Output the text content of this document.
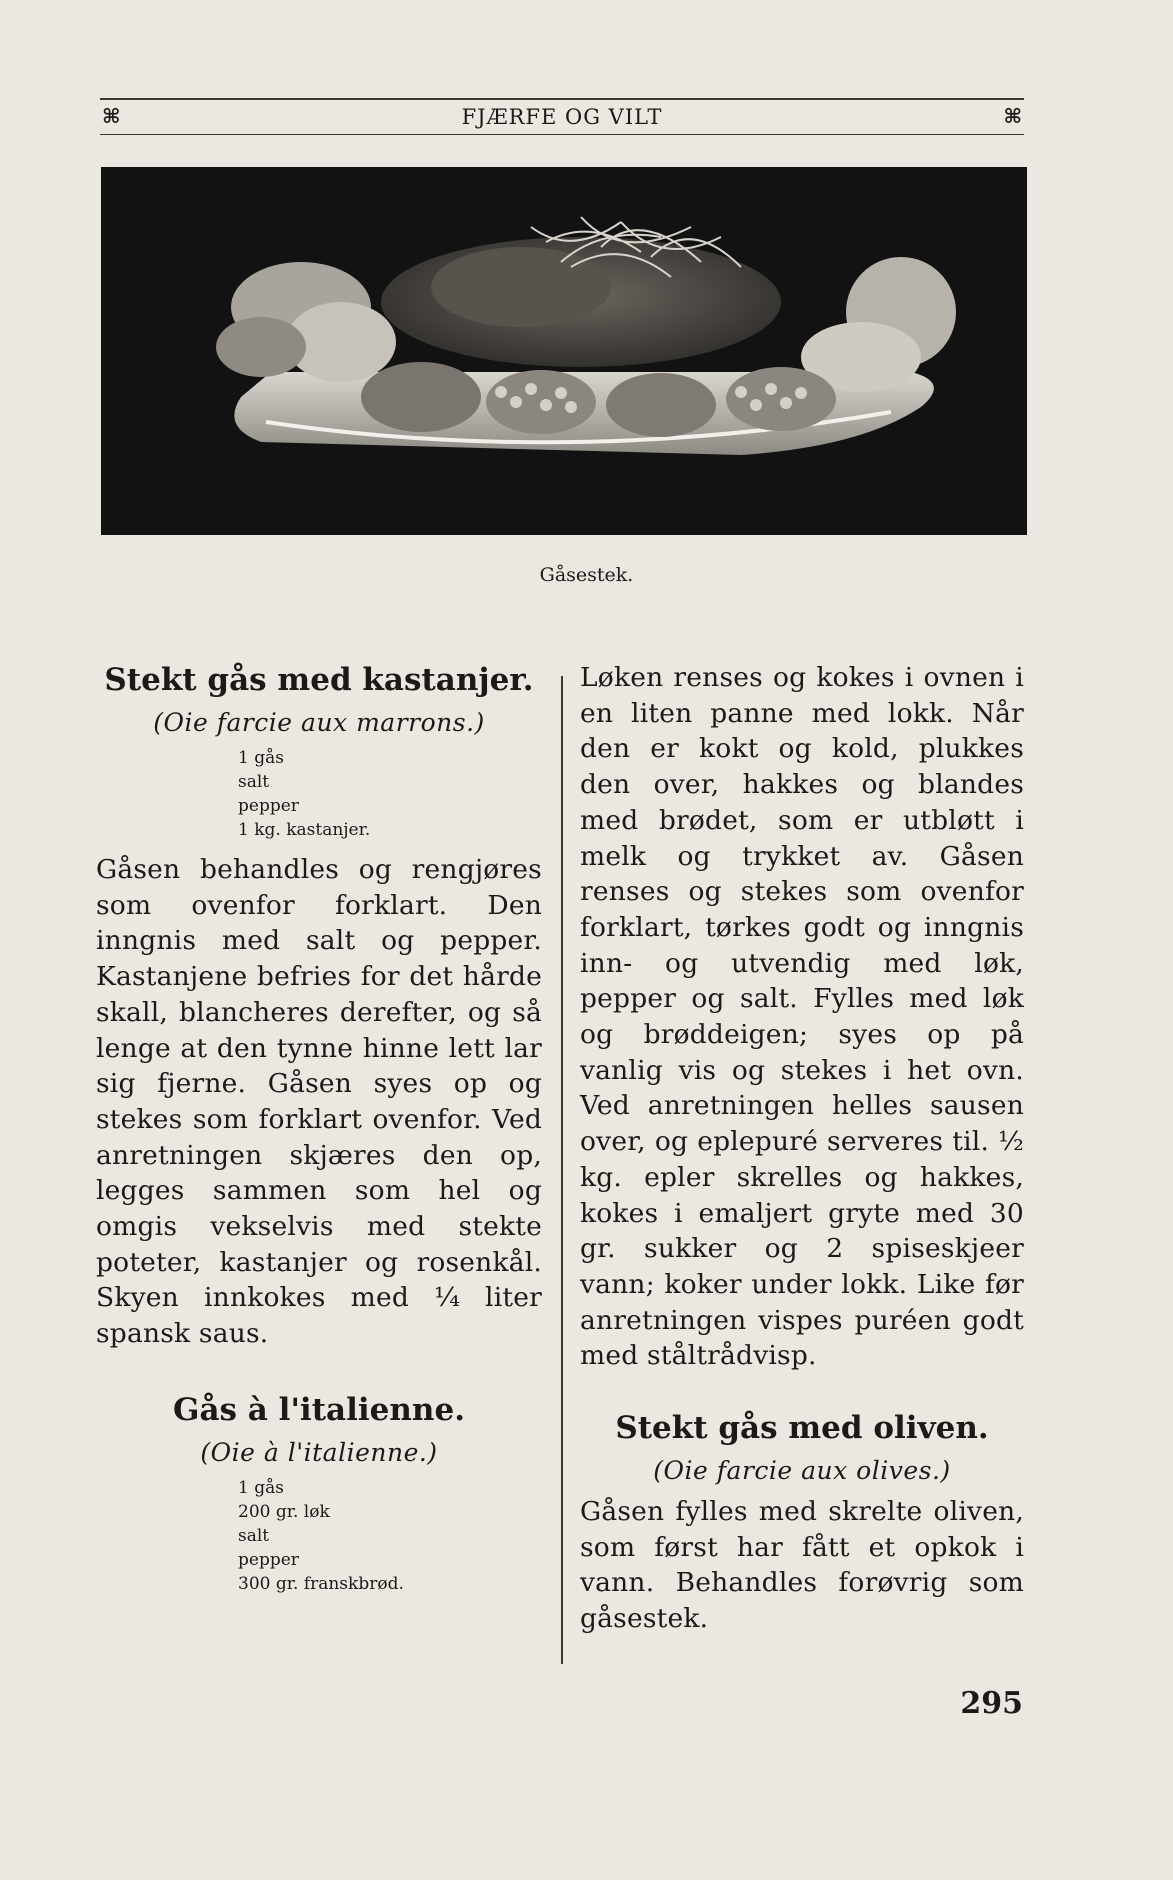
⌘	FJÆRFE OG VILT	⌘
Gåsestek.
Stekt gås med kastanjer.
(Oie farcie aux marrons.)
1 gås
salt
pepper
1 kg. kastanjer.

Gåsen behandles og rengjøres som ovenfor forklart. Den inngnis med salt og pepper. Kastanjene befries for det hårde skall, blancheres derefter, og så lenge at den tynne hinne lett lar sig fjerne. Gåsen syes op og stekes som forklart ovenfor. Ved anretningen skjæres den op, legges sammen som hel og omgis vekselvis med stekte poteter, kastanjer og rosenkål. Skyen innkokes med ¼ liter spansk saus.

Gås à l'italienne.
(Oie à l'italienne.)
1 gås
200 gr. løk
salt
pepper
300 gr. franskbrød.

Løken renses og kokes i ovnen i en liten panne med lokk. Når den er kokt og kold, plukkes den over, hakkes og blandes med brødet, som er utbløtt i melk og trykket av. Gåsen renses og stekes som ovenfor forklart, tørkes godt og inngnis inn- og utvendig med løk, pepper og salt. Fylles med løk og brøddeigen; syes op på vanlig vis og stekes i het ovn. Ved anretningen helles sausen over, og eplepuré serveres til. ½ kg. epler skrelles og hakkes, kokes i emaljert gryte med 30 gr. sukker og 2 spiseskjeer vann; koker under lokk. Like før anretningen vispes puréen godt med ståltrådvisp.

Stekt gås med oliven.
(Oie farcie aux olives.)

Gåsen fylles med skrelte oliven, som først har fått et opkok i vann. Behandles forøvrig som gåsestek.

295
